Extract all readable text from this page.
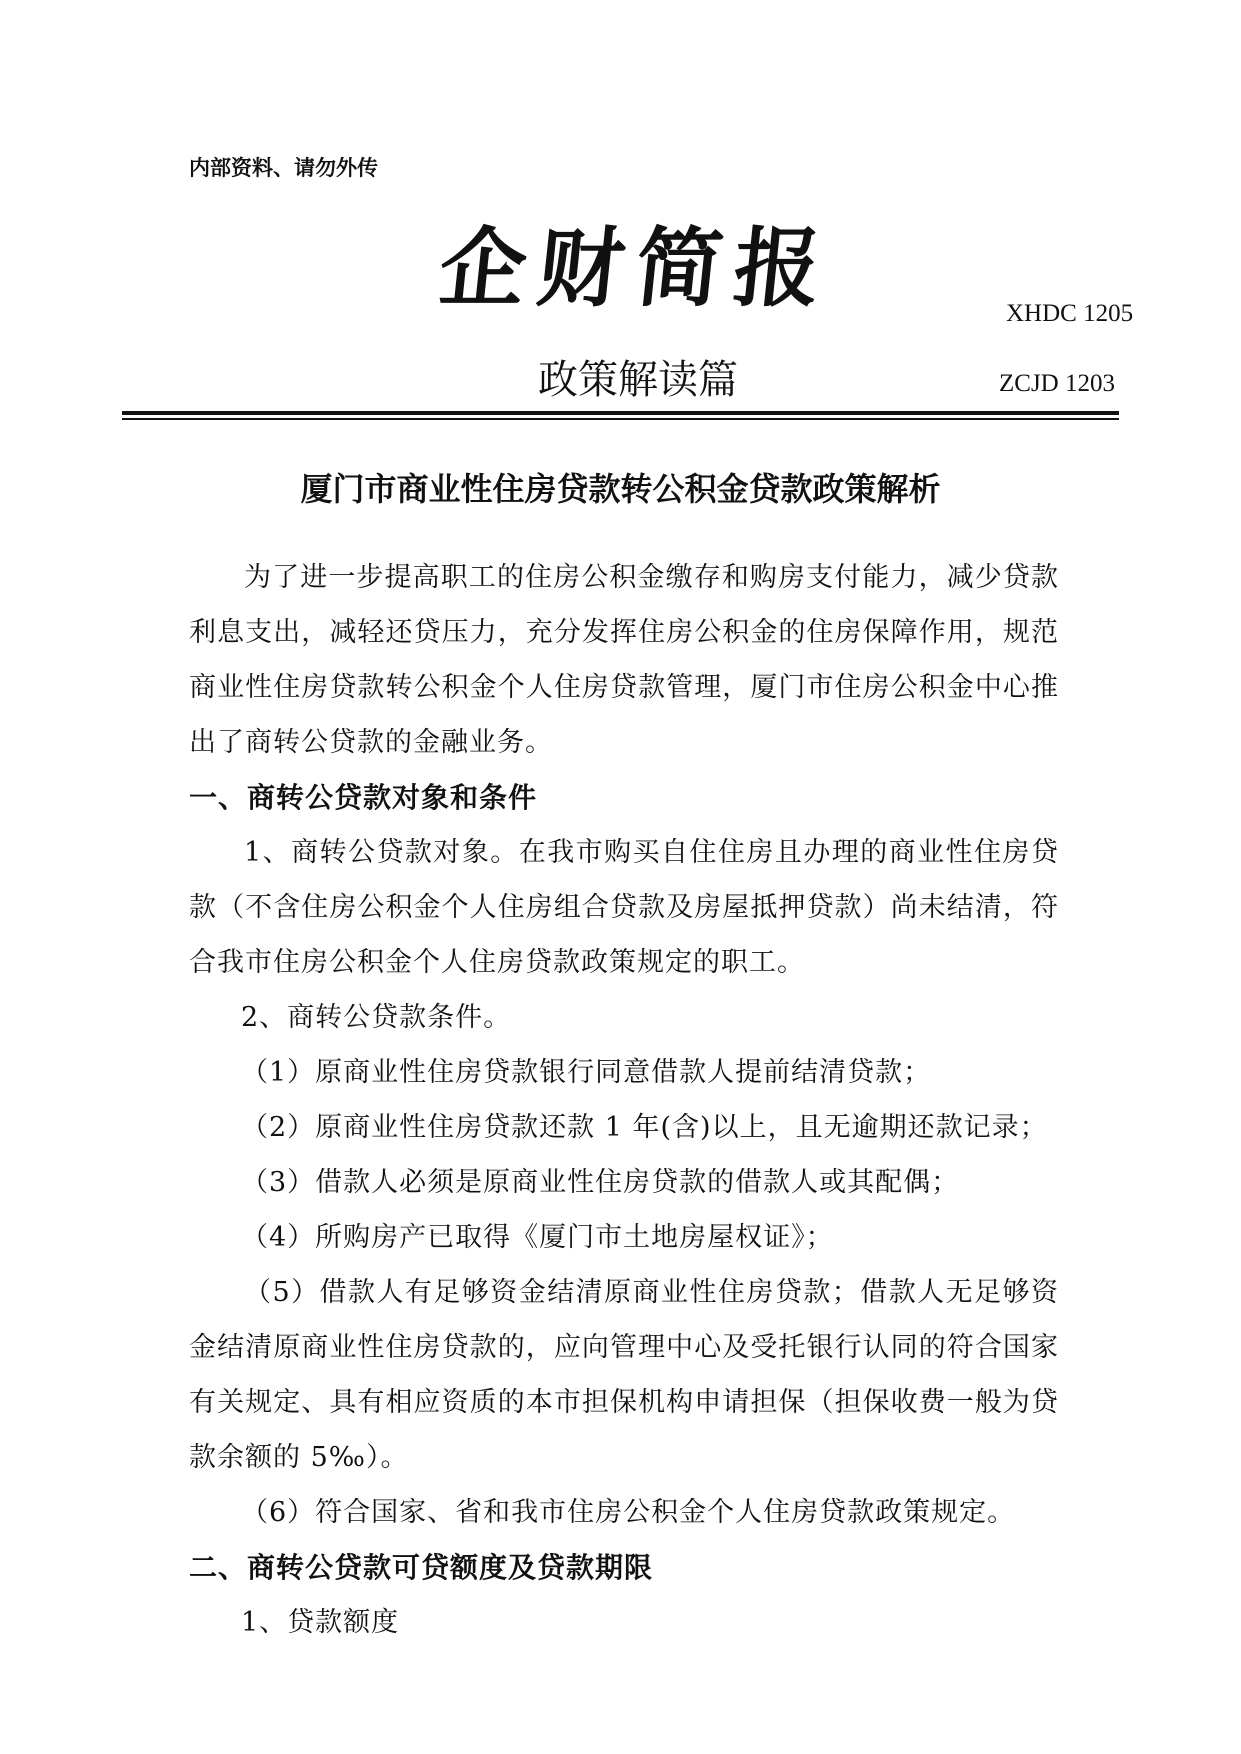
内部资料、请勿外传
企财简报	XHDC 1205
政策解读篇	ZCJD 1203
厦门市商业性住房贷款转公积金贷款政策解析

为了进一步提高职工的住房公积金缴存和购房支付能力，减少贷款利息支出，减轻还贷压力，充分发挥住房公积金的住房保障作用，规范商业性住房贷款转公积金个人住房贷款管理，厦门市住房公积金中心推出了商转公贷款的金融业务。

一、商转公贷款对象和条件

1、商转公贷款对象。在我市购买自住住房且办理的商业性住房贷款（不含住房公积金个人住房组合贷款及房屋抵押贷款）尚未结清，符合我市住房公积金个人住房贷款政策规定的职工。

2、商转公贷款条件。

（1）原商业性住房贷款银行同意借款人提前结清贷款；

（2）原商业性住房贷款还款 1 年(含)以上，且无逾期还款记录；

（3）借款人必须是原商业性住房贷款的借款人或其配偶；

（4）所购房产已取得《厦门市土地房屋权证》；

（5）借款人有足够资金结清原商业性住房贷款；借款人无足够资金结清原商业性住房贷款的，应向管理中心及受托银行认同的符合国家有关规定、具有相应资质的本市担保机构申请担保（担保收费一般为贷款余额的 5‰）。

（6）符合国家、省和我市住房公积金个人住房贷款政策规定。

二、商转公贷款可贷额度及贷款期限

1、贷款额度
